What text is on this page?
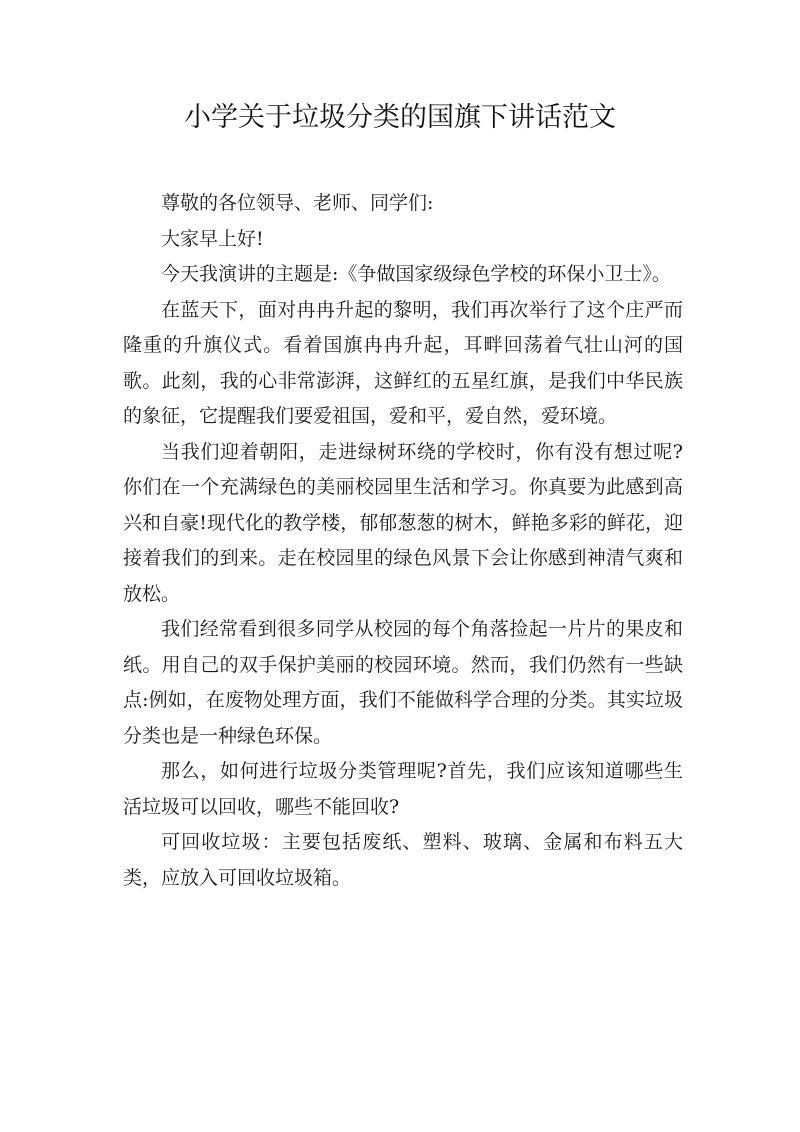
小学关于垃圾分类的国旗下讲话范文

尊敬的各位领导、老师、同学们:

大家早上好!

今天我演讲的主题是:《争做国家级绿色学校的环保小卫士》。

在蓝天下，面对冉冉升起的黎明，我们再次举行了这个庄严而隆重的升旗仪式。看着国旗冉冉升起，耳畔回荡着气壮山河的国歌。此刻，我的心非常澎湃，这鲜红的五星红旗，是我们中华民族的象征，它提醒我们要爱祖国，爱和平，爱自然，爱环境。

当我们迎着朝阳，走进绿树环绕的学校时，你有没有想过呢?你们在一个充满绿色的美丽校园里生活和学习。你真要为此感到高兴和自豪!现代化的教学楼，郁郁葱葱的树木，鲜艳多彩的鲜花，迎接着我们的到来。走在校园里的绿色风景下会让你感到神清气爽和放松。

我们经常看到很多同学从校园的每个角落捡起一片片的果皮和纸。用自己的双手保护美丽的校园环境。然而，我们仍然有一些缺点:例如，在废物处理方面，我们不能做科学合理的分类。其实垃圾分类也是一种绿色环保。

那么，如何进行垃圾分类管理呢?首先，我们应该知道哪些生活垃圾可以回收，哪些不能回收?

可回收垃圾：主要包括废纸、塑料、玻璃、金属和布料五大类，应放入可回收垃圾箱。
